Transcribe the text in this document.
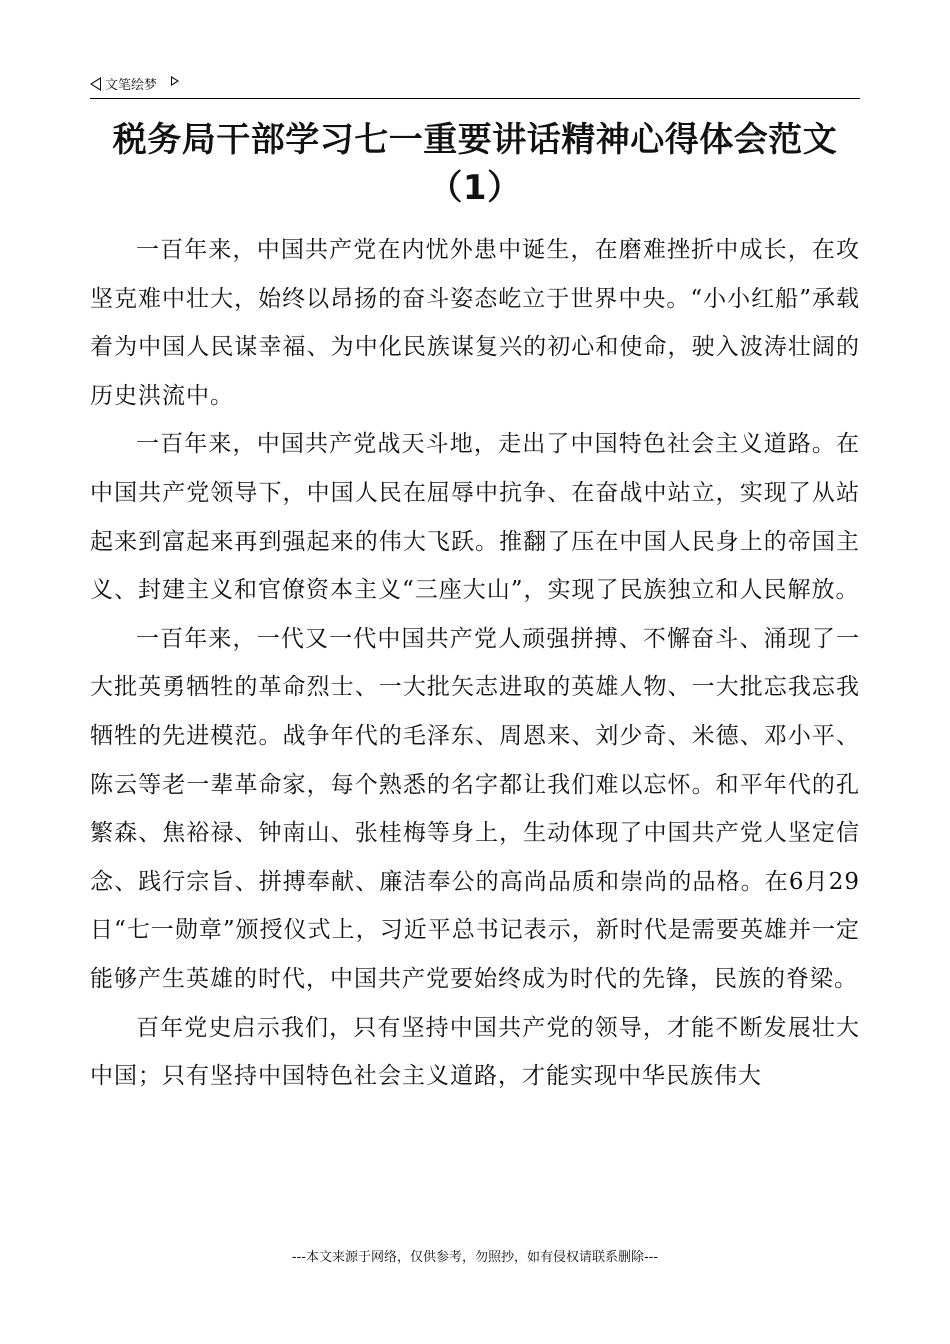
文笔绘梦
税务局干部学习七一重要讲话精神心得体会范文（1）

一百年来，中国共产党在内忧外患中诞生，在磨难挫折中成长，在攻坚克难中壮大，始终以昂扬的奋斗姿态屹立于世界中央。“小小红船”承载着为中国人民谋幸福、为中化民族谋复兴的初心和使命，驶入波涛壮阔的历史洪流中。

一百年来，中国共产党战天斗地，走出了中国特色社会主义道路。在中国共产党领导下，中国人民在屈辱中抗争、在奋战中站立，实现了从站起来到富起来再到强起来的伟大飞跃。推翻了压在中国人民身上的帝国主义、封建主义和官僚资本主义“三座大山”，实现了民族独立和人民解放。

一百年来，一代又一代中国共产党人顽强拼搏、不懈奋斗、涌现了一大批英勇牺牲的革命烈士、一大批矢志进取的英雄人物、一大批忘我忘我牺牲的先进模范。战争年代的毛泽东、周恩来、刘少奇、米德、邓小平、陈云等老一辈革命家，每个熟悉的名字都让我们难以忘怀。和平年代的孔繁森、焦裕禄、钟南山、张桂梅等身上，生动体现了中国共产党人坚定信念、践行宗旨、拼搏奉献、廉洁奉公的高尚品质和崇尚的品格。在6月29日“七一勋章”颁授仪式上，习近平总书记表示，新时代是需要英雄并一定能够产生英雄的时代，中国共产党要始终成为时代的先锋，民族的脊梁。

百年党史启示我们，只有坚持中国共产党的领导，才能不断发展壮大中国；只有坚持中国特色社会主义道路，才能实现中华民族伟大

---本文来源于网络，仅供参考，勿照抄，如有侵权请联系删除---
